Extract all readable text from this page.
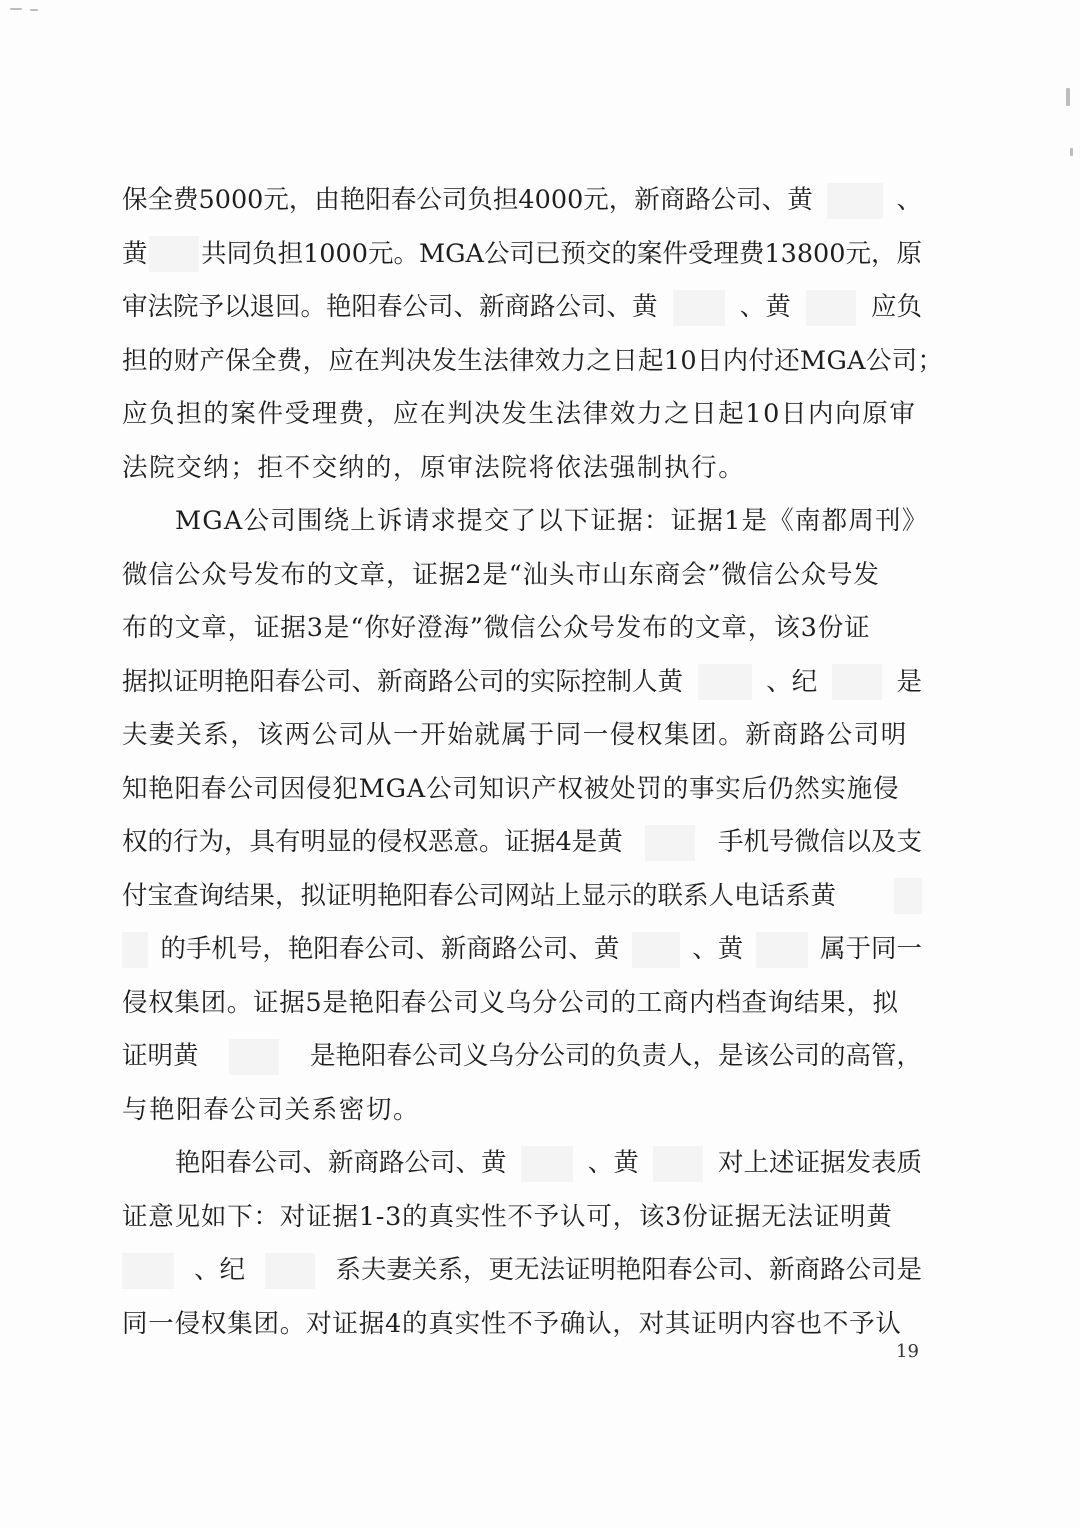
保全费5000元，由艳阳春公司负担4000元，新商路公司、黄	、
黄 共同负担1000元。MGA公司已预交的案件受理费13800元，原
审法院予以退回。艳阳春公司、新商路公司、黄	、黄	应负
担的财产保全费，应在判决发生法律效力之日起10日内付还MGA公司；
应负担的案件受理费，应在判决发生法律效力之日起10日内向原审
法院交纳；拒不交纳的，原审法院将依法强制执行。
MGA公司围绕上诉请求提交了以下证据：证据1是《南都周刊》
微信公众号发布的文章，证据2是“汕头市山东商会”微信公众号发
布的文章，证据3是“你好澄海”微信公众号发布的文章，该3份证
据拟证明艳阳春公司、新商路公司的实际控制人黄	、纪	是
夫妻关系，该两公司从一开始就属于同一侵权集团。新商路公司明
知艳阳春公司因侵犯MGA公司知识产权被处罚的事实后仍然实施侵
权的行为，具有明显的侵权恶意。证据4是黄	手机号微信以及支
付宝查询结果，拟证明艳阳春公司网站上显示的联系人电话系黄
的手机号，艳阳春公司、新商路公司、黄	、黄	属于同一
侵权集团。证据5是艳阳春公司义乌分公司的工商内档查询结果，拟
证明黄	是艳阳春公司义乌分公司的负责人，是该公司的高管，
与艳阳春公司关系密切。
艳阳春公司、新商路公司、黄	、黄	对上述证据发表质
证意见如下：对证据1-3的真实性不予认可，该3份证据无法证明黄
、纪	系夫妻关系，更无法证明艳阳春公司、新商路公司是
同一侵权集团。对证据4的真实性不予确认，对其证明内容也不予认
19
